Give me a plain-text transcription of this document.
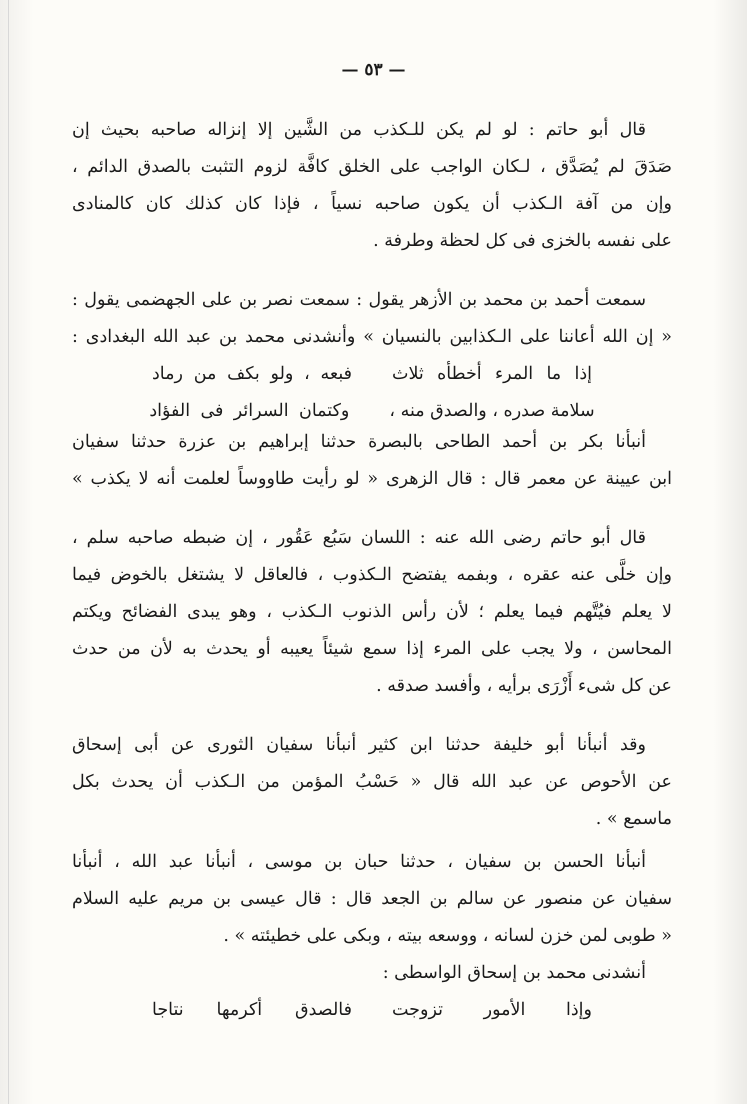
— ٥٣ —
قال أبو حاتم : لو لم يكن للـكذب من الشَّين إلا إنزاله صاحبه بحيث إن
صَدَقَ لم يُصَدَّق ، لـكان الواجب على الخلق كافَّة لزوم التثبت بالصدق الدائم ،
وإن من آفة الـكذب أن يكون صاحبه نسياً ، فإذا كان كذلك كان كالمنادى
على نفسه بالخزى فى كل لحظة وطرفة .
سمعت أحمد بن محمد بن الأزهر يقول : سمعت نصر بن على الجهضمى يقول :
« إن الله أعاننا على الـكذابين بالنسيان » وأنشدنى محمد بن عبد الله البغدادى :
أنبأنا بكر بن أحمد الطاحى بالبصرة حدثنا إبراهيم بن عزرة حدثنا سفيان
ابن عيينة عن معمر قال : قال الزهرى « لو رأيت طاووساً لعلمت أنه لا يكذب »
قال أبو حاتم رضى الله عنه : اللسان سَبُع عَقُور ، إن ضبطه صاحبه سلم ،
وإن خلَّى عنه عقره ، وبفمه يفتضح الـكذوب ، فالعاقل لا يشتغل بالخوض فيما
لا يعلم فيُتَّهم فيما يعلم ؛ لأن رأس الذنوب الـكذب ، وهو يبدى الفضائح ويكتم
المحاسن ، ولا يجب على المرء إذا سمع شيئاً يعيبه أو يحدث به لأن من حدث
عن كل شىء أَزْرَى برأيه ، وأفسد صدقه .
وقد أنبأنا أبو خليفة حدثنا ابن كثير أنبأنا سفيان الثورى عن أبى إسحاق
عن الأحوص عن عبد الله قال « حَسْبُ المؤمن من الـكذب أن يحدث بكل
ماسمع » .
أنبأنا الحسن بن سفيان ، حدثنا حبان بن موسى ، أنبأنا عبد الله ، أنبأنا
سفيان عن منصور عن سالم بن الجعد قال : قال عيسى بن مريم عليه السلام
« طوبى لمن خزن لسانه ، ووسعه بيته ، وبكى على خطيئته » .
أنشدنى محمد بن إسحاق الواسطى :
إذا ما المرء أخطأه ثلاثفبعه ، ولو بكف من رماد
سلامة صدره ، والصدق منه ،وكتمان السرائر فى الفؤاد
وإذا الأمور تزوجتفالصدق أكرمها نتاجا
